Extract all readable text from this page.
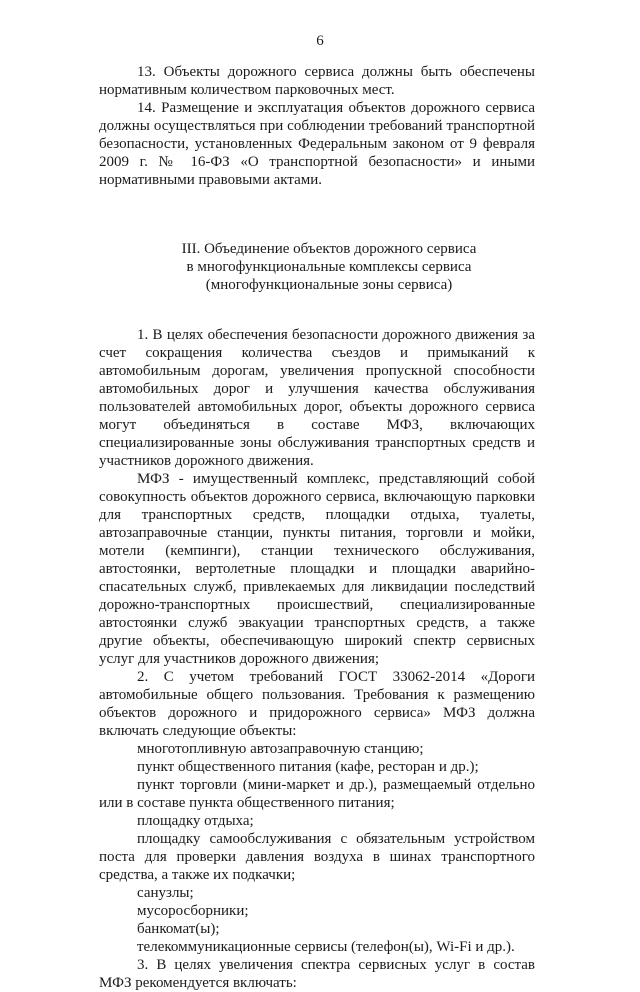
6

13. Объекты дорожного сервиса должны быть обеспечены нормативным количеством парковочных мест.

14. Размещение и эксплуатация объектов дорожного сервиса должны осуществляться при соблюдении требований транспортной безопасности, установленных Федеральным законом от 9 февраля 2009 г. № 16-ФЗ «О транспортной безопасности» и иными нормативными правовыми актами.

III. Объединение объектов дорожного сервиса
в многофункциональные комплексы сервиса
(многофункциональные зоны сервиса)

1. В целях обеспечения безопасности дорожного движения за счет сокращения количества съездов и примыканий к автомобильным дорогам, увеличения пропускной способности автомобильных дорог и улучшения качества обслуживания пользователей автомобильных дорог, объекты дорожного сервиса могут объединяться в составе МФЗ, включающих специализированные зоны обслуживания транспортных средств и участников дорожного движения.

МФЗ - имущественный комплекс, представляющий собой совокупность объектов дорожного сервиса, включающую парковки для транспортных средств, площадки отдыха, туалеты, автозаправочные станции, пункты питания, торговли и мойки, мотели (кемпинги), станции технического обслуживания, автостоянки, вертолетные площадки и площадки аварийно-спасательных служб, привлекаемых для ликвидации последствий дорожно-транспортных происшествий, специализированные автостоянки служб эвакуации транспортных средств, а также другие объекты, обеспечивающую широкий спектр сервисных услуг для участников дорожного движения;

2. С учетом требований ГОСТ 33062-2014 «Дороги автомобильные общего пользования. Требования к размещению объектов дорожного и придорожного сервиса» МФЗ должна включать следующие объекты:

многотопливную автозаправочную станцию;

пункт общественного питания (кафе, ресторан и др.);

пункт торговли (мини-маркет и др.), размещаемый отдельно или в составе пункта общественного питания;

площадку отдыха;

площадку самообслуживания с обязательным устройством поста для проверки давления воздуха в шинах транспортного средства, а также их подкачки;

санузлы;

мусоросборники;

банкомат(ы);

телекоммуникационные сервисы (телефон(ы), Wi-Fi и др.).

3. В целях увеличения спектра сервисных услуг в состав МФЗ рекомендуется включать:
